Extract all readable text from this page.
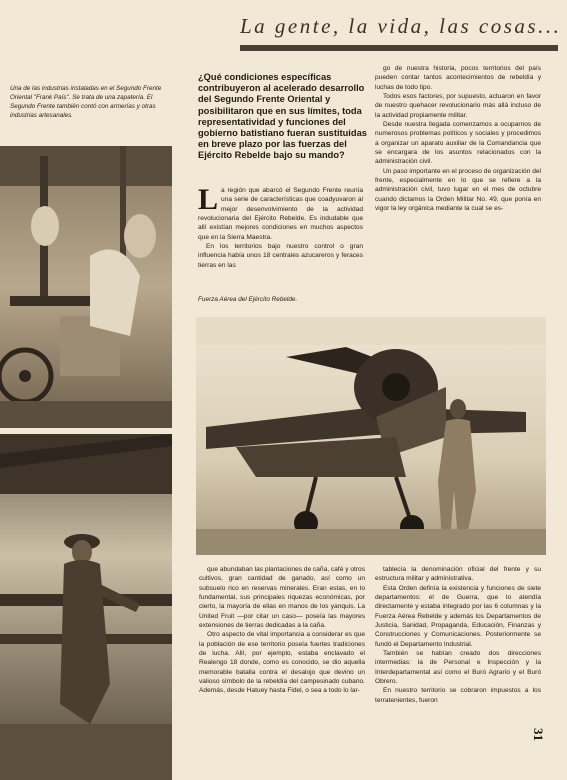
La gente, la vida, las cosas...
Una de las industrias instaladas en el Segundo Frente Oriental "Frank País". Se trata de una zapatería. El Segundo Frente también contó con armerías y otras industrias artesanales.
¿Qué condiciones específicas contribuyeron al acelerado desarrollo del Segundo Frente Oriental y posibilitaron que en sus límites, toda representatividad y funciones del gobierno batistiano fueran sustituidas en breve plazo por las fuerzas del Ejército Rebelde bajo su mando?

La región que abarcó el Segundo Frente reunía una serie de características que coadyuvaron al mejor desenvolvimiento de la actividad revolucionaria del Ejército Rebelde. Es indudable que allí existían mejores condiciones en muchos aspectos que en la Sierra Maestra.

En los territorios bajo nuestro control o gran influencia había unos 18 centrales azucareros y feraces tierras en las

go de nuestra historia, pocos territorios del país pueden contar tantos acontecimientos de rebeldía y luchas de todo tipo.

Todos esos factores, por supuesto, actuaron en favor de nuestro quehacer revolucionario más allá incluso de la actividad propiamente militar.

Desde nuestra llegada comenzamos a ocuparnos de numerosos problemas políticos y sociales y procedimos a organizar un aparato auxiliar de la Comandancia que se encargara de los asuntos relacionados con la administración civil.

Un paso importante en el proceso de organización del frente, especialmente en lo que se refiere a la administración civil, tuvo lugar en el mes de octubre cuando dictamos la Orden Militar No. 49, que ponía en vigor la ley orgánica mediante la cual se es-

Fuerza Aérea del Ejército Rebelde.

que abundaban las plantaciones de caña, café y otros cultivos, gran cantidad de ganado, así como un subsuelo rico en reservas minerales. Eran estas, en lo fundamental, sus principales riquezas económicas, por cierto, la mayoría de ellas en manos de los yanquis. La United Fruit —por citar un caso— poseía las mayores extensiones de tierras dedicadas a la caña.

Otro aspecto de vital importancia a considerar es que la población de ese territorio poseía fuertes tradiciones de lucha. Allí, por ejemplo, estaba enclavado el Realengo 18 donde, como es conocido, se dio aquella memorable batalla contra el desalojo que devino un valioso símbolo de la rebeldía del campesinado cubano. Además, desde Hatuey hasta Fidel, o sea a todo lo lar-

tablecía la denominación oficial del frente y su estructura militar y administrativa.

Esta Orden definía la existencia y funciones de siete departamentos: el de Guerra, que lo atendía directamente y estaba integrado por las 6 columnas y la Fuerza Aérea Rebelde y además los Departamentos de Justicia, Sanidad, Propaganda, Educación, Finanzas y Construcciones y Comunicaciones. Posteriormente se fundó el Departamento Industrial.

También se habían creado dos direcciones intermedias: la de Personal e Inspección y la Interdepartamental así como el Buró Agrario y el Buró Obrero.

En nuestro territorio se cobraron impuestos a los terratenientes, fueron

31
